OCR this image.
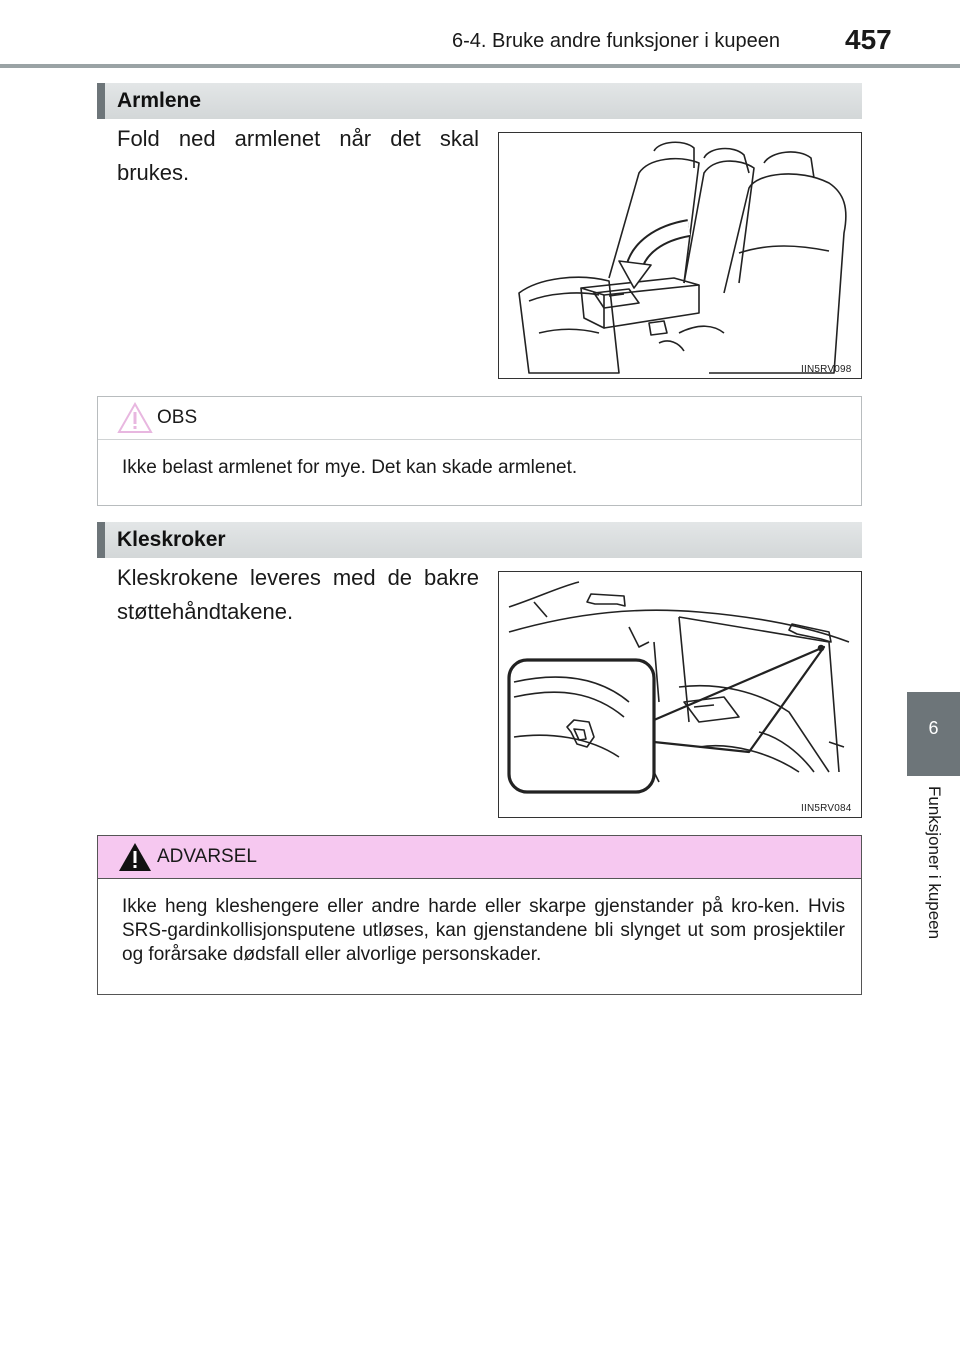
6-4. Bruke andre funksjoner i kupeen 457
6
Funksjoner i kupeen
Armlene
Fold ned armlenet når det skal brukes.
IIN5RV098
OBS
Ikke belast armlenet for mye. Det kan skade armlenet.
Kleskroker
Kleskrokene leveres med de bakre støttehåndtakene.
IIN5RV084
ADVARSEL
Ikke heng kleshengere eller andre harde eller skarpe gjenstander på kro-ken. Hvis SRS-gardinkollisjonsputene utløses, kan gjenstandene bli slynget ut som prosjektiler og forårsake dødsfall eller alvorlige personskader.
